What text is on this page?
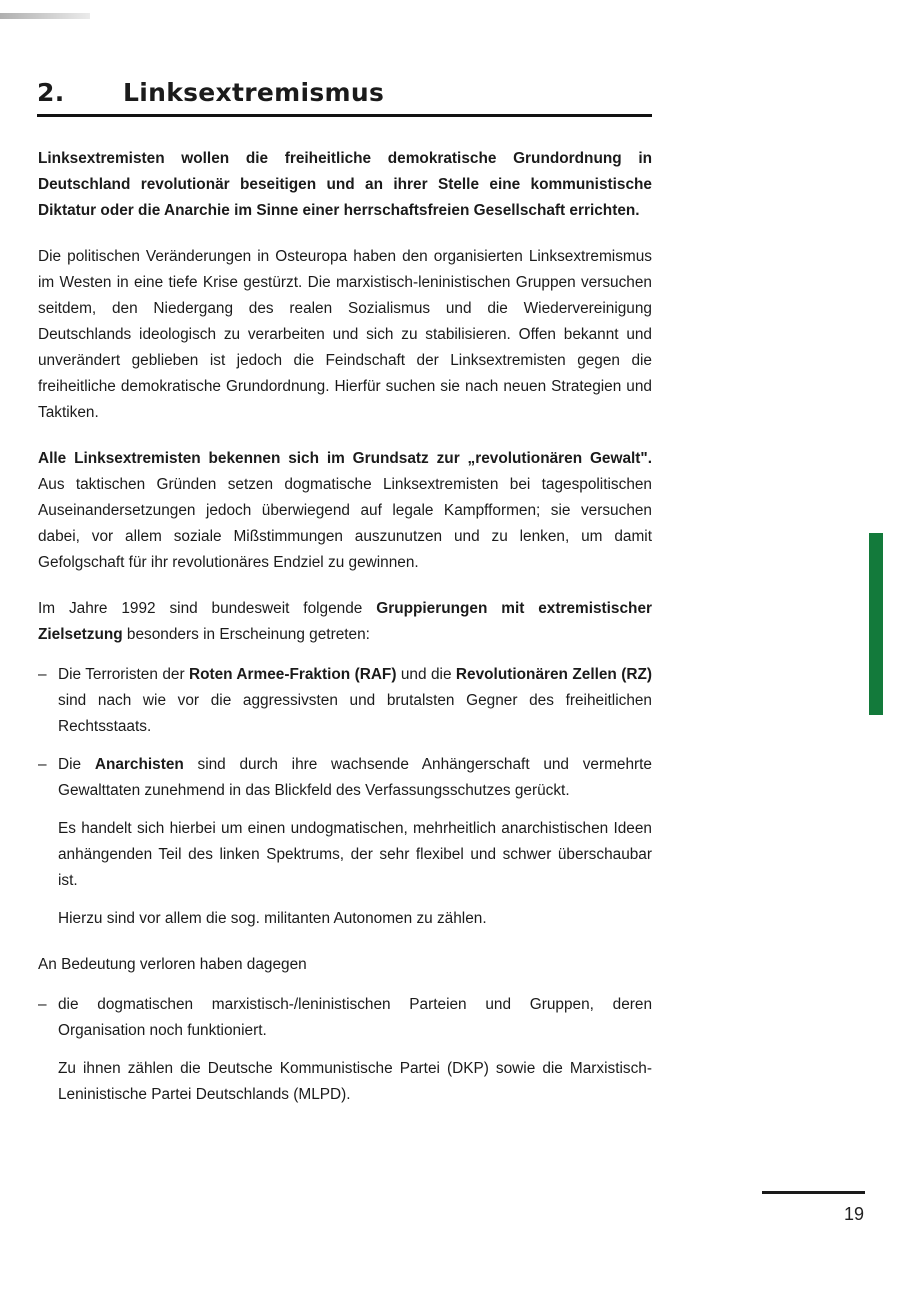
2. Linksextremismus

Linksextremisten wollen die freiheitliche demokratische Grundordnung in Deutschland revolutionär beseitigen und an ihrer Stelle eine kommunistische Diktatur oder die Anarchie im Sinne einer herrschaftsfreien Gesellschaft errichten.

Die politischen Veränderungen in Osteuropa haben den organisierten Linksextremismus im Westen in eine tiefe Krise gestürzt. Die marxistisch-leninistischen Gruppen versuchen seitdem, den Niedergang des realen Sozialismus und die Wiedervereinigung Deutschlands ideologisch zu verarbeiten und sich zu stabilisieren. Offen bekannt und unverändert geblieben ist jedoch die Feindschaft der Linksextremisten gegen die freiheitliche demokratische Grundordnung. Hierfür suchen sie nach neuen Strategien und Taktiken.

Alle Linksextremisten bekennen sich im Grundsatz zur „revolutionären Gewalt". Aus taktischen Gründen setzen dogmatische Linksextremisten bei tagespolitischen Auseinandersetzungen jedoch überwiegend auf legale Kampfformen; sie versuchen dabei, vor allem soziale Mißstimmungen auszunutzen und zu lenken, um damit Gefolgschaft für ihr revolutionäres Endziel zu gewinnen.

Im Jahre 1992 sind bundesweit folgende Gruppierungen mit extremistischer Zielsetzung besonders in Erscheinung getreten:

– Die Terroristen der Roten Armee-Fraktion (RAF) und die Revolutionären Zellen (RZ) sind nach wie vor die aggressivsten und brutalsten Gegner des freiheitlichen Rechtsstaats.
– Die Anarchisten sind durch ihre wachsende Anhängerschaft und vermehrte Gewalttaten zunehmend in das Blickfeld des Verfassungsschutzes gerückt.
Es handelt sich hierbei um einen undogmatischen, mehrheitlich anarchistischen Ideen anhängenden Teil des linken Spektrums, der sehr flexibel und schwer überschaubar ist.
Hierzu sind vor allem die sog. militanten Autonomen zu zählen.

An Bedeutung verloren haben dagegen

– die dogmatischen marxistisch-/leninistischen Parteien und Gruppen, deren Organisation noch funktioniert.
Zu ihnen zählen die Deutsche Kommunistische Partei (DKP) sowie die Marxistisch-Leninistische Partei Deutschlands (MLPD).
19
